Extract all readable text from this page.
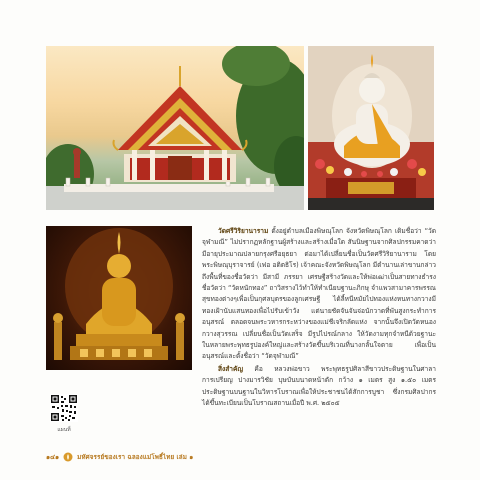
วัดศรีวิริยานาราม ตั้งอยู่ตำบลเมืองพิษณุโลก จังหวัดพิษณุโลก เดิมชื่อว่า “วัดจุฬามณี” ไม่ปรากฏหลักฐานผู้สร้างและสร้างเมื่อใด สันนิษฐานจากศิลปกรรมคาดว่ามีอายุประมาณปลายกรุงศรีอยุธยา ต่อมาได้เปลี่ยนชื่อเป็นวัดศรีวิริยานาราม โดยพระพิษณุบุราจารย์ (เฟอ อติตธิโร) เจ้าคณะจังหวัดพิษณุโลก มีตำนานเล่าขานกล่าวถึงพื้นที่ของชื่อวัดว่า มีสามี ภรรยา เศรษฐีสร้างวัดและให้พ่อเฒ่าเป็นสายทางธำรงชื่อวัดว่า “วัดหนักทอง” ถาวิสรางไว้ทำให้ทำเนียบฐานะภิกษุ จำแพวสามาคารพรรณสุขทองต่างๆเพื่อเป็นกุศลบุตรของลูกเศรษฐี ได้ลี้หนีหมัยไปทองแห่งหนทางกวางมีทองเฝ้านับแสนทองเพื่อไปรับเข้าวัง แต่นายชัดจันจันจ่อนักวาดที่พันสูงกระทำการอนุสรณ์ ตลอดจนพระวหารกระหว่างของแม่ชีเจริกลัดแห่ง จากนั้นจึงเปิดวัดหนองกวางสุวรรณ เปลี่ยนชื่อเป็นวัดเสร็จ มีรูปไปรณ์กลาง ให้วัดงามทุกจำหนีด้วยฐานะ ในหลายพระพุทธรูปองค์ใหญ่และสร้างวัดขึ้นบริเวณที่นางกลั้นใจตาย เพื่อเป็นอนุสรณ์และตั้งชื่อว่า “วัดจุฬามณี”

สิ่งสำคัญ คือ หลวงพ่อขาว พระพุทธรูปศิลาสีขาวประดิษฐานในศาลาการเปรียญ ปางมารวิชัย บุษบันบนาดหน้าตัก กว้าง ๑ เมตร สูง ๑.๕๐ เมตร ประดิษฐานบนฐานในวิหารโบราณเพื่อให้ประชาชนได้สักการบูชา ซึ่งกรมศิลปากรได้ขึ้นทะเบียนเป็นโบราณสถานเมื่อปี พ.ศ. ๒๕๐๕

แผนที่
๑๔๑	มหัศจรรย์ของเรา ฉลองแม่โพธิ์ไทย เล่ม ๑
